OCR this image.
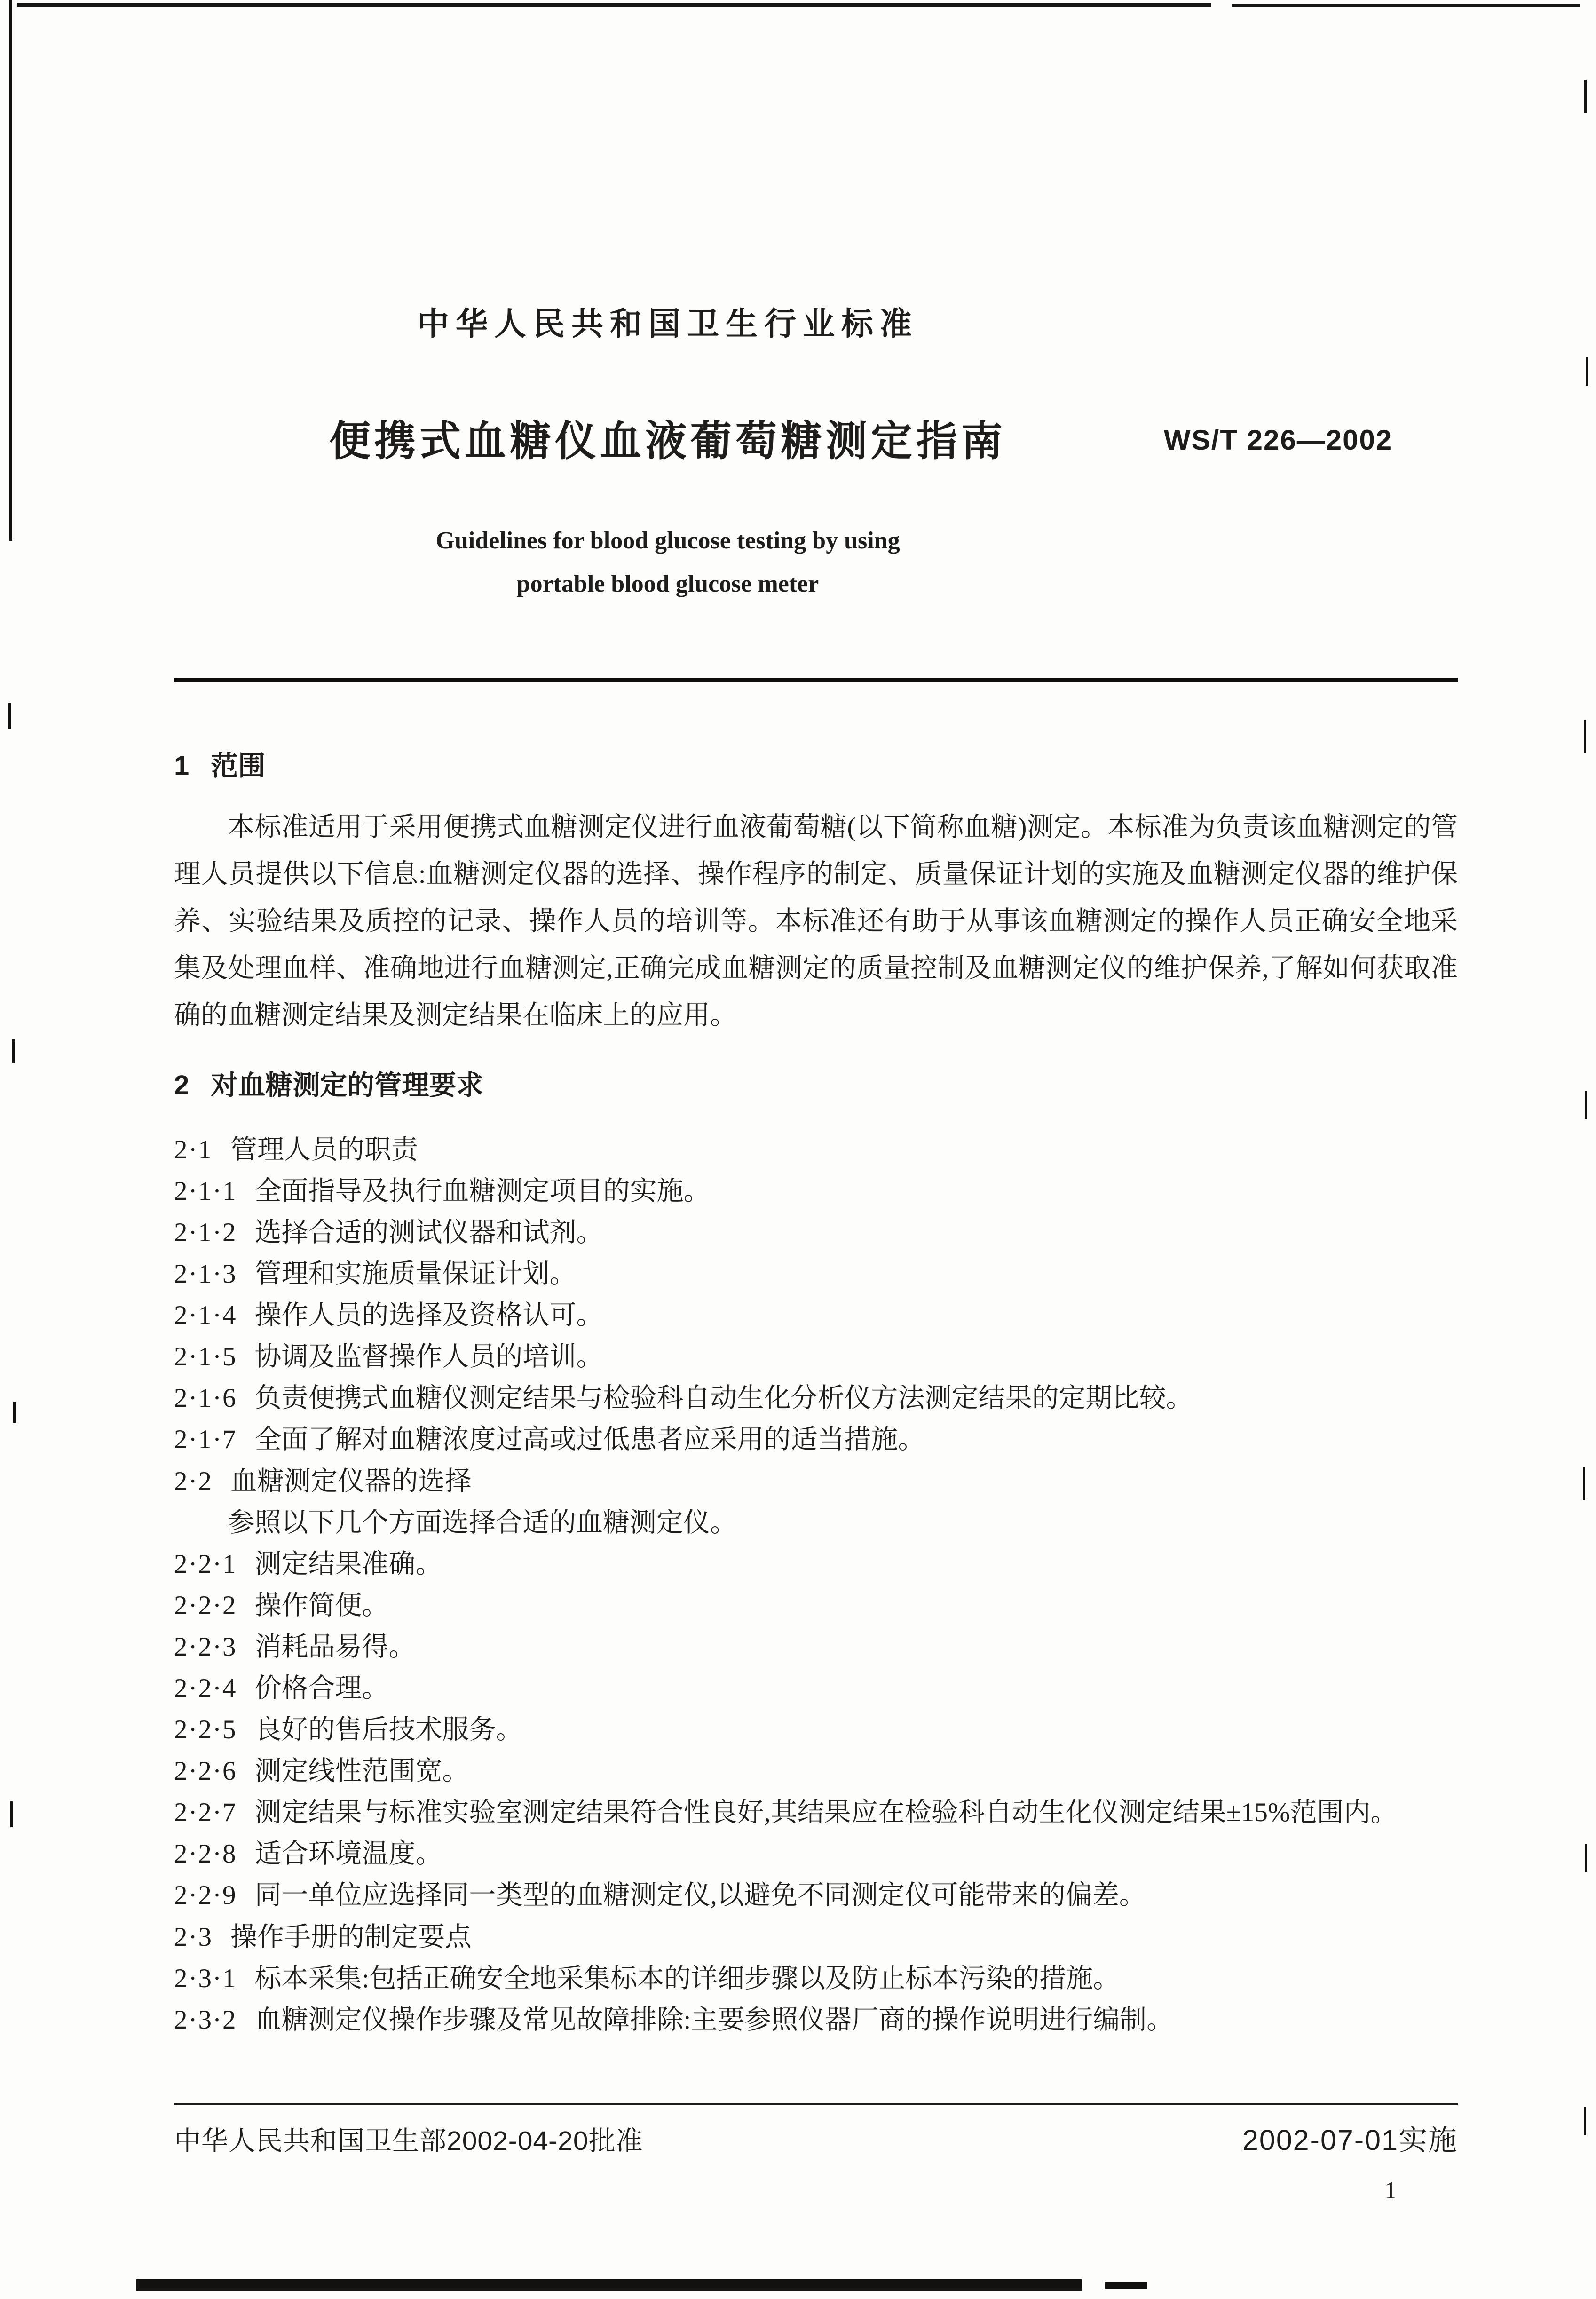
中华人民共和国卫生行业标准
便携式血糖仪血液葡萄糖测定指南	WS/T 226—2002
Guidelines for blood glucose testing by using
portable blood glucose meter
1 范围

本标准适用于采用便携式血糖测定仪进行血液葡萄糖(以下简称血糖)测定。本标准为负责该血糖测定的管理人员提供以下信息:血糖测定仪器的选择、操作程序的制定、质量保证计划的实施及血糖测定仪器的维护保养、实验结果及质控的记录、操作人员的培训等。本标准还有助于从事该血糖测定的操作人员正确安全地采集及处理血样、准确地进行血糖测定,正确完成血糖测定的质量控制及血糖测定仪的维护保养,了解如何获取准确的血糖测定结果及测定结果在临床上的应用。

2 对血糖测定的管理要求

2·1 管理人员的职责

2·1·1 全面指导及执行血糖测定项目的实施。

2·1·2 选择合适的测试仪器和试剂。

2·1·3 管理和实施质量保证计划。

2·1·4 操作人员的选择及资格认可。

2·1·5 协调及监督操作人员的培训。

2·1·6 负责便携式血糖仪测定结果与检验科自动生化分析仪方法测定结果的定期比较。

2·1·7 全面了解对血糖浓度过高或过低患者应采用的适当措施。

2·2 血糖测定仪器的选择

参照以下几个方面选择合适的血糖测定仪。

2·2·1 测定结果准确。

2·2·2 操作简便。

2·2·3 消耗品易得。

2·2·4 价格合理。

2·2·5 良好的售后技术服务。

2·2·6 测定线性范围宽。

2·2·7 测定结果与标准实验室测定结果符合性良好,其结果应在检验科自动生化仪测定结果±15%范围内。

2·2·8 适合环境温度。

2·2·9 同一单位应选择同一类型的血糖测定仪,以避免不同测定仪可能带来的偏差。

2·3 操作手册的制定要点

2·3·1 标本采集:包括正确安全地采集标本的详细步骤以及防止标本污染的措施。

2·3·2 血糖测定仪操作步骤及常见故障排除:主要参照仪器厂商的操作说明进行编制。

中华人民共和国卫生部2002-04-20批准	2002-07-01实施
1
